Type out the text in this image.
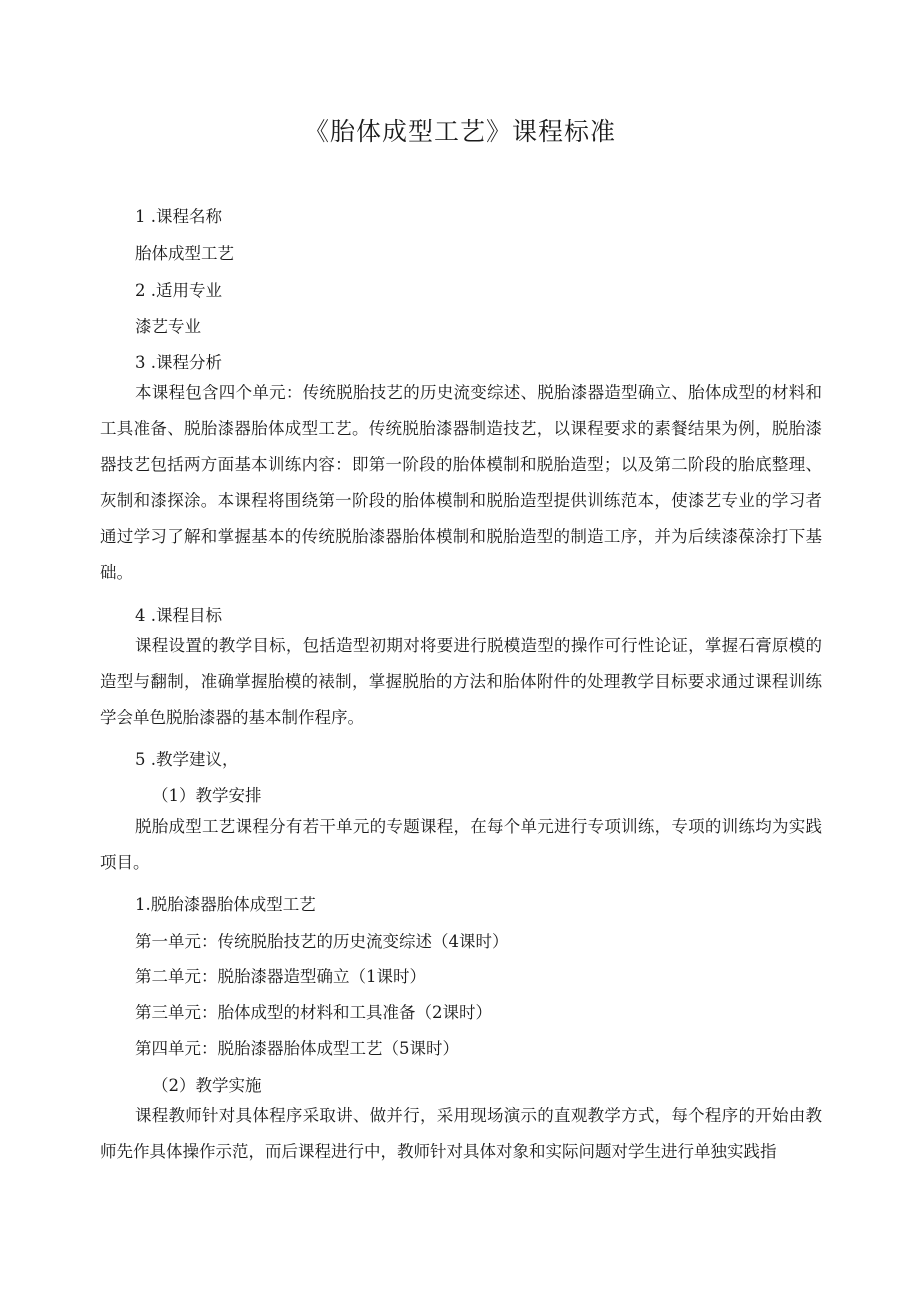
《胎体成型工艺》课程标准
1 .课程名称
胎体成型工艺
2 .适用专业
漆艺专业
3 .课程分析
本课程包含四个单元：传统脱胎技艺的历史流变综述、脱胎漆器造型确立、胎体成型的材料和工具准备、脱胎漆器胎体成型工艺。传统脱胎漆器制造技艺，以课程要求的素餐结果为例，脱胎漆器技艺包括两方面基本训练内容：即第一阶段的胎体模制和脱胎造型；以及第二阶段的胎底整理、灰制和漆探涂。本课程将围绕第一阶段的胎体模制和脱胎造型提供训练范本，使漆艺专业的学习者通过学习了解和掌握基本的传统脱胎漆器胎体模制和脱胎造型的制造工序，并为后续漆葆涂打下基础。
4 .课程目标
课程设置的教学目标，包括造型初期对将要进行脱模造型的操作可行性论证，掌握石膏原模的造型与翻制，准确掌握胎模的裱制，掌握脱胎的方法和胎体附件的处理教学目标要求通过课程训练学会单色脱胎漆器的基本制作程序。
5 .教学建议，
（1）教学安排
脱胎成型工艺课程分有若干单元的专题课程，在每个单元进行专项训练，专项的训练均为实践项目。
1.脱胎漆器胎体成型工艺
第一单元：传统脱胎技艺的历史流变综述（4课时）
第二单元：脱胎漆器造型确立（1课时）
第三单元：胎体成型的材料和工具准备（2课时）
第四单元：脱胎漆器胎体成型工艺（5课时）
（2）教学实施
课程教师针对具体程序采取讲、做并行，采用现场演示的直观教学方式，每个程序的开始由教师先作具体操作示范，而后课程进行中，教师针对具体对象和实际问题对学生进行单独实践指
